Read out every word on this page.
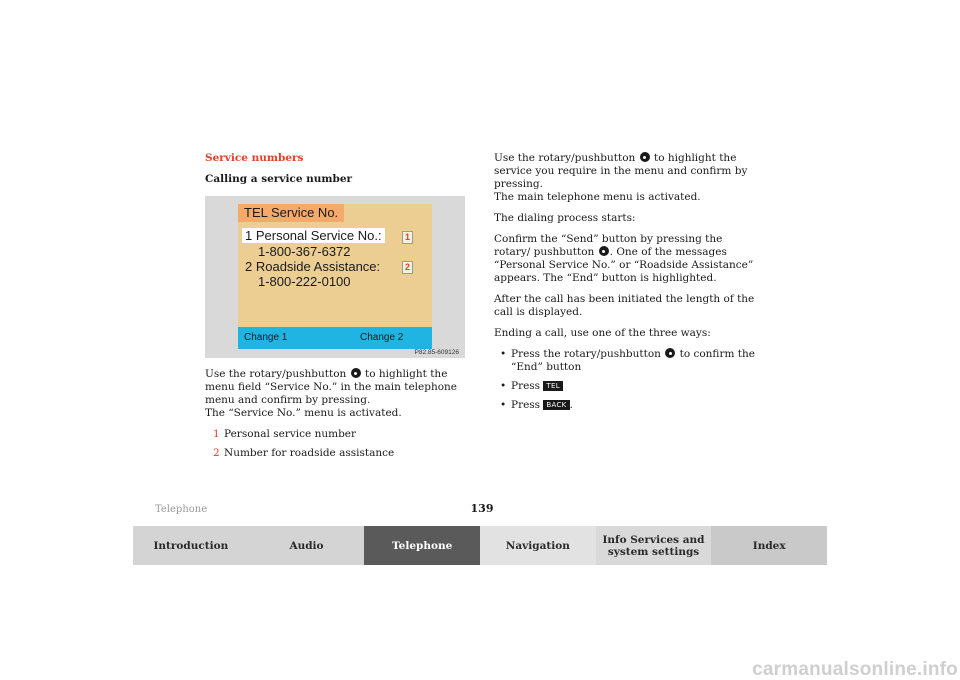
Service numbers
Calling a service number
TEL Service No.
1 Personal Service No.:
1-800-367-6372
2 Roadside Assistance:
1-800-222-0100
1
2
Change 1	Change 2
P82.85-6091​26

Use the rotary/pushbutton to highlight the menu field “Service No.” in the main telephone menu and confirm by pressing.
The “Service No.” menu is activated.

1 Personal service number
2 Number for roadside assistance

Use the rotary/pushbutton to highlight the service you require in the menu and confirm by pressing.
The main telephone menu is activated.

The dialing process starts:

Confirm the “Send” button by pressing the rotary/ pushbutton . One of the messages “Personal Service No.” or “Roadside Assistance” appears. The “End” button is highlighted.

After the call has been initiated the length of the call is displayed.

Ending a call, use one of the three ways:

• Press the rotary/pushbutton to confirm the “End” button
• Press TEL
• Press BACK .
Telephone	139
Introduction	Audio	Telephone	Navigation	Info Services and
system settings	Index
carmanualsonline.info
